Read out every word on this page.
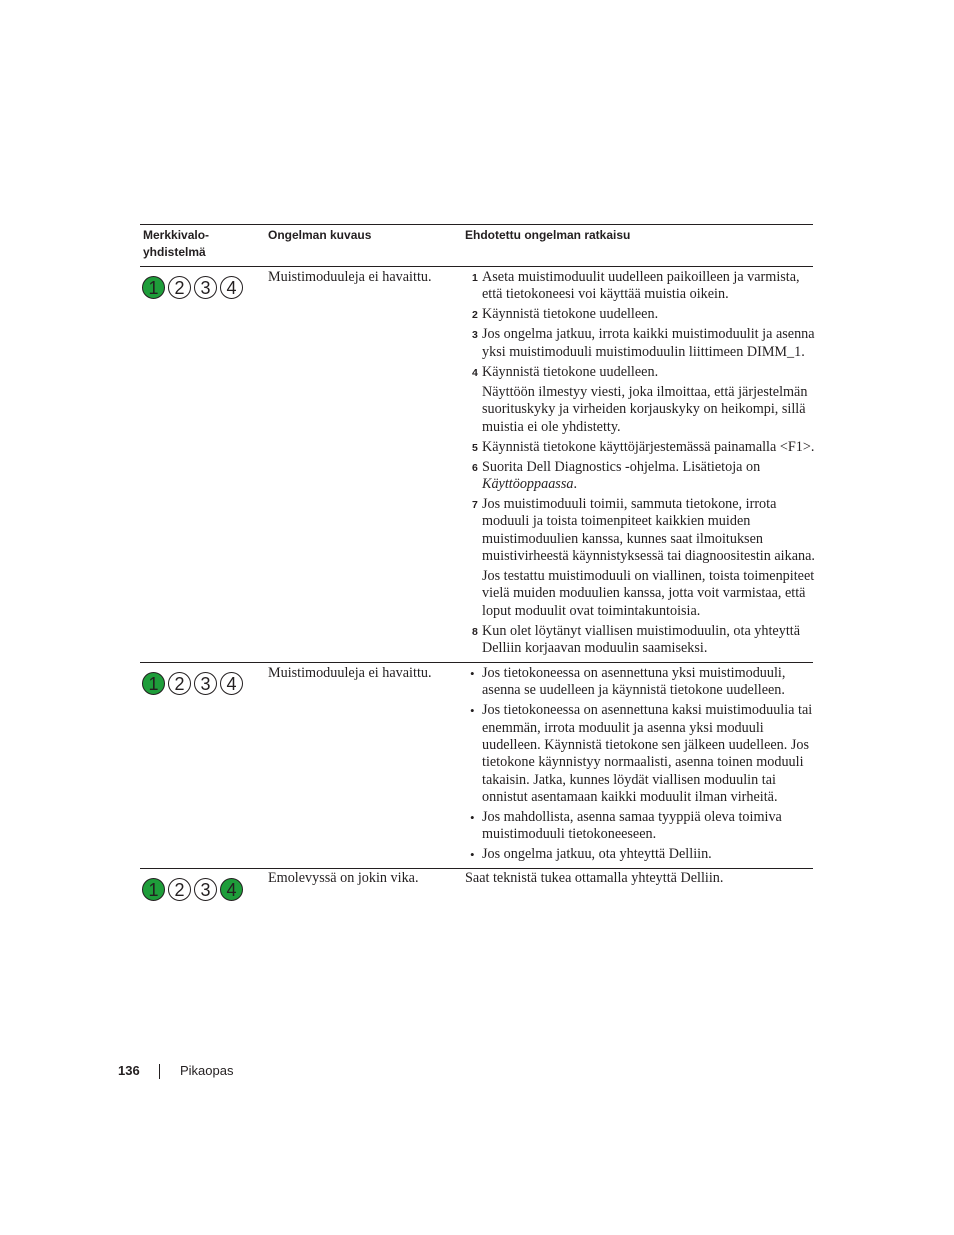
Merkkivalo-
yhdistelmä
Ongelman kuvaus	Ehdotettu ongelman ratkaisu
1 2 3 4
Muistimoduuleja ei havaittu.	1 Aseta muistimoduulit uudelleen paikoilleen ja varmista, että tietokoneesi voi käyttää muistia oikein.
2 Käynnistä tietokone uudelleen.
3 Jos ongelma jatkuu, irrota kaikki muistimoduulit ja asenna yksi muistimoduuli muistimoduulin liittimeen DIMM_1.
4 Käynnistä tietokone uudelleen.
Näyttöön ilmestyy viesti, joka ilmoittaa, että järjestelmän suorituskyky ja virheiden korjauskyky on heikompi, sillä muistia ei ole yhdistetty.
5 Käynnistä tietokone käyttöjärjestemässä painamalla <F1>.
6 Suorita Dell Diagnostics -ohjelma. Lisätietoja on Käyttöoppaassa.
7 Jos muistimoduuli toimii, sammuta tietokone, irrota moduuli ja toista toimenpiteet kaikkien muiden muistimoduulien kanssa, kunnes saat ilmoituksen muistivirheestä käynnistyksessä tai diagnoositestin aikana.
Jos testattu muistimoduuli on viallinen, toista toimenpiteet vielä muiden moduulien kanssa, jotta voit varmistaa, että loput moduulit ovat toimintakuntoisia.
8 Kun olet löytänyt viallisen muistimoduulin, ota yhteyttä Delliin korjaavan moduulin saamiseksi.
1 2 3 4
Muistimoduuleja ei havaittu.	• Jos tietokoneessa on asennettuna yksi muistimoduuli, asenna se uudelleen ja käynnistä tietokone uudelleen.
• Jos tietokoneessa on asennettuna kaksi muistimoduulia tai enemmän, irrota moduulit ja asenna yksi moduuli uudelleen. Käynnistä tietokone sen jälkeen uudelleen. Jos tietokone käynnistyy normaalisti, asenna toinen moduuli takaisin. Jatka, kunnes löydät viallisen moduulin tai onnistut asentamaan kaikki moduulit ilman virheitä.
• Jos mahdollista, asenna samaa tyyppiä oleva toimiva muistimoduuli tietokoneeseen.
• Jos ongelma jatkuu, ota yhteyttä Delliin.
1 2 3 4
Emolevyssä on jokin vika.	Saat teknistä tukea ottamalla yhteyttä Delliin.
136	Pikaopas
